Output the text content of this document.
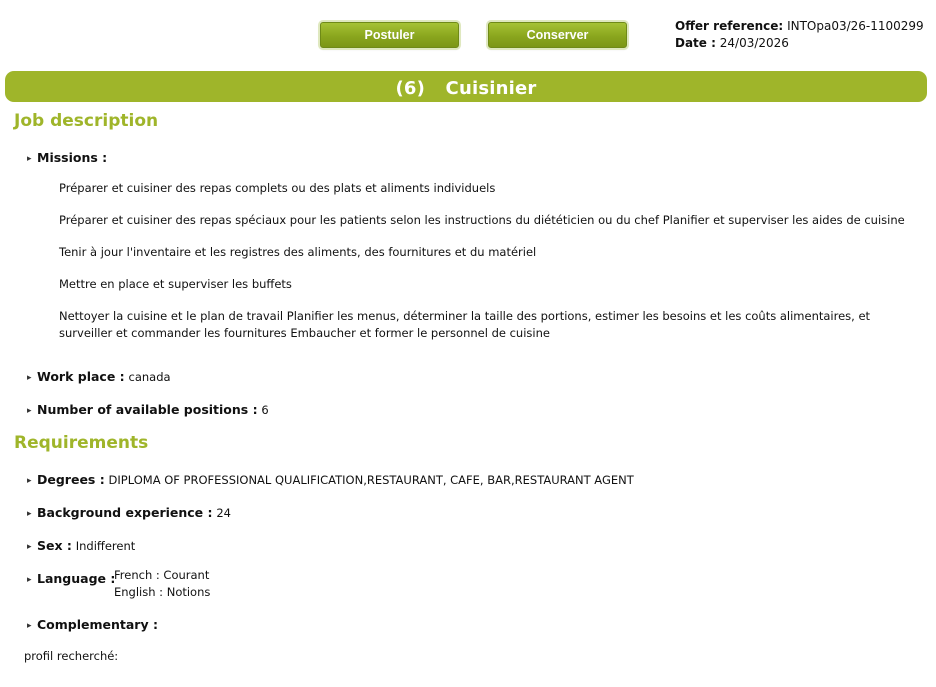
Postuler	Conserver
Offer reference: INTOpa03/26-1100299
Date : 24/03/2026
(6) Cuisinier
Job description
▸ Missions :
Préparer et cuisiner des repas complets ou des plats et aliments individuels
Préparer et cuisiner des repas spéciaux pour les patients selon les instructions du diététicien ou du chef Planifier et superviser les aides de cuisine
Tenir à jour l'inventaire et les registres des aliments, des fournitures et du matériel
Mettre en place et superviser les buffets
Nettoyer la cuisine et le plan de travail Planifier les menus, déterminer la taille des portions, estimer les besoins et les coûts alimentaires, et surveiller et commander les fournitures Embaucher et former le personnel de cuisine
▸ Work place : canada
▸ Number of available positions : 6
Requirements
▸ Degrees : DIPLOMA OF PROFESSIONAL QUALIFICATION,RESTAURANT, CAFE, BAR,RESTAURANT AGENT
▸ Background experience : 24
▸ Sex : Indifferent
▸ Language :
French : Courant
English : Notions
▸ Complementary :
profil recherché:
